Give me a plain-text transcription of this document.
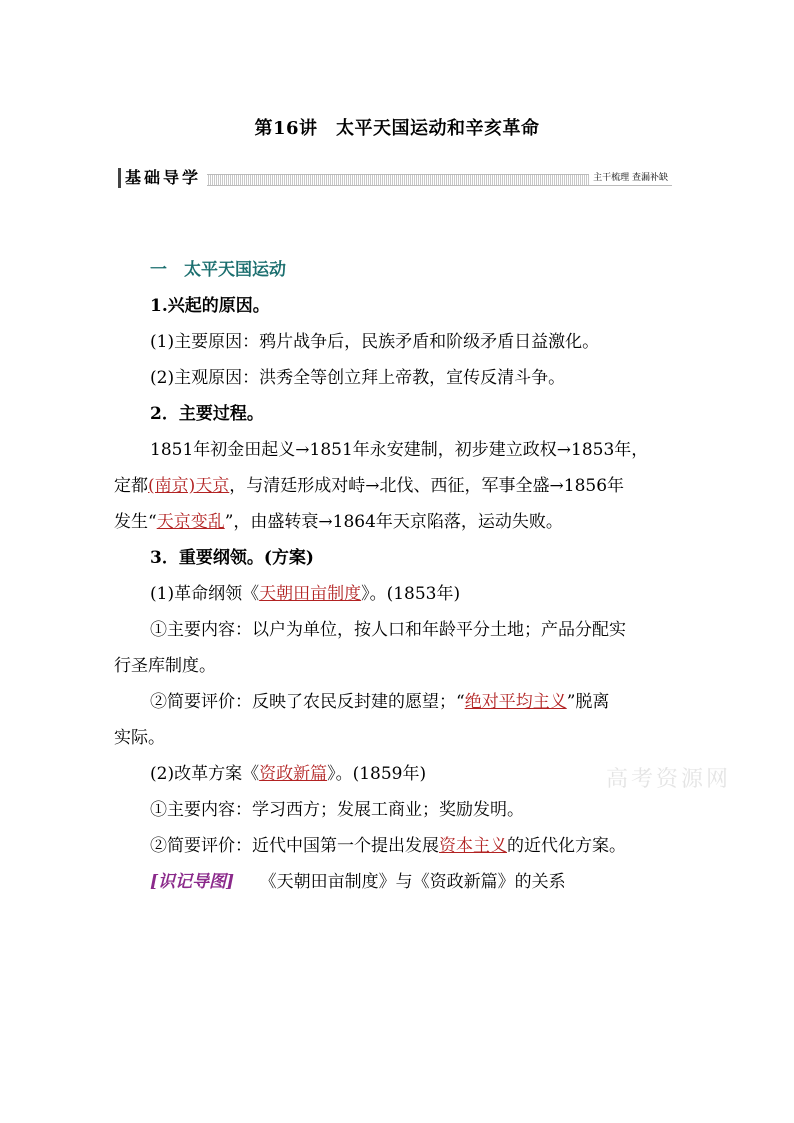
第16讲　太平天国运动和辛亥革命
基础导学	主干梳理 查漏补缺
一　太平天国运动
1.兴起的原因。
(1)主要原因：鸦片战争后，民族矛盾和阶级矛盾日益激化。
(2)主观原因：洪秀全等创立拜上帝教，宣传反清斗争。
2．主要过程。
1851年初金田起义→1851年永安建制，初步建立政权→1853年，
定都(南京)天京，与清廷形成对峙→北伐、西征，军事全盛→1856年
发生“天京变乱”，由盛转衰→1864年天京陷落，运动失败。
3．重要纲领。(方案)
(1)革命纲领《天朝田亩制度》。(1853年)
①主要内容：以户为单位，按人口和年龄平分土地；产品分配实
行圣库制度。
②简要评价：反映了农民反封建的愿望；“绝对平均主义”脱离
实际。
(2)改革方案《资政新篇》。(1859年)
①主要内容：学习西方；发展工商业；奖励发明。
②简要评价：近代中国第一个提出发展资本主义的近代化方案。
[识记导图]　　 《天朝田亩制度》与《资政新篇》的关系
高考资源网
